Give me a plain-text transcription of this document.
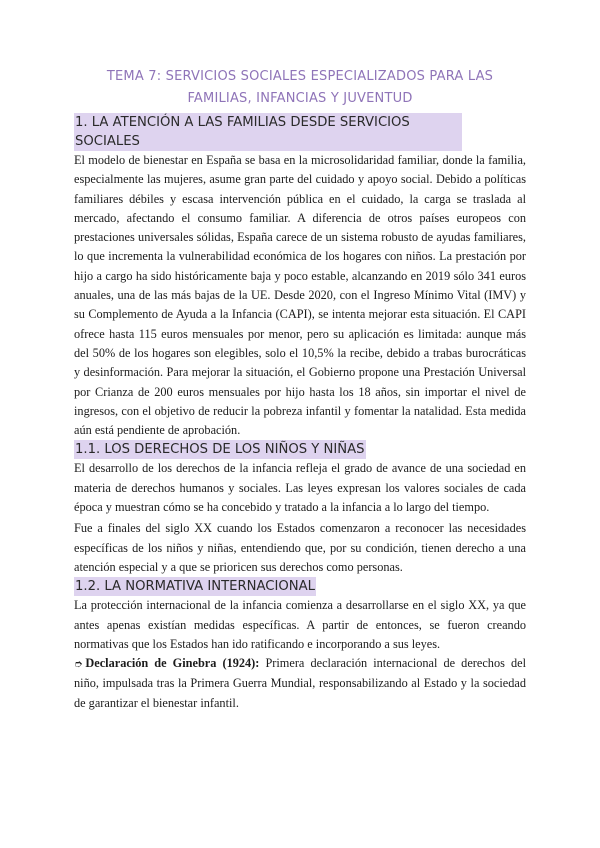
TEMA 7: SERVICIOS SOCIALES ESPECIALIZADOS PARA LAS FAMILIAS, INFANCIAS Y JUVENTUD
1. LA ATENCIÓN A LAS FAMILIAS DESDE SERVICIOS SOCIALES

El modelo de bienestar en España se basa en la microsolidaridad familiar, donde la familia, especialmente las mujeres, asume gran parte del cuidado y apoyo social. Debido a políticas familiares débiles y escasa intervención pública en el cuidado, la carga se traslada al mercado, afectando el consumo familiar. A diferencia de otros países europeos con prestaciones universales sólidas, España carece de un sistema robusto de ayudas familiares, lo que incrementa la vulnerabilidad económica de los hogares con niños. La prestación por hijo a cargo ha sido históricamente baja y poco estable, alcanzando en 2019 sólo 341 euros anuales, una de las más bajas de la UE. Desde 2020, con el Ingreso Mínimo Vital (IMV) y su Complemento de Ayuda a la Infancia (CAPI), se intenta mejorar esta situación. El CAPI ofrece hasta 115 euros mensuales por menor, pero su aplicación es limitada: aunque más del 50% de los hogares son elegibles, solo el 10,5% la recibe, debido a trabas burocráticas y desinformación. Para mejorar la situación, el Gobierno propone una Prestación Universal por Crianza de 200 euros mensuales por hijo hasta los 18 años, sin importar el nivel de ingresos, con el objetivo de reducir la pobreza infantil y fomentar la natalidad. Esta medida aún está pendiente de aprobación.

1.1. LOS DERECHOS DE LOS NIÑOS Y NIÑAS

El desarrollo de los derechos de la infancia refleja el grado de avance de una sociedad en materia de derechos humanos y sociales. Las leyes expresan los valores sociales de cada época y muestran cómo se ha concebido y tratado a la infancia a lo largo del tiempo.

Fue a finales del siglo XX cuando los Estados comenzaron a reconocer las necesidades específicas de los niños y niñas, entendiendo que, por su condición, tienen derecho a una atención especial y a que se prioricen sus derechos como personas.

1.2. LA NORMATIVA INTERNACIONAL

La protección internacional de la infancia comienza a desarrollarse en el siglo XX, ya que antes apenas existían medidas específicas. A partir de entonces, se fueron creando normativas que los Estados han ido ratificando e incorporando a sus leyes.

➮ Declaración de Ginebra (1924): Primera declaración internacional de derechos del niño, impulsada tras la Primera Guerra Mundial, responsabilizando al Estado y la sociedad de garantizar el bienestar infantil.
